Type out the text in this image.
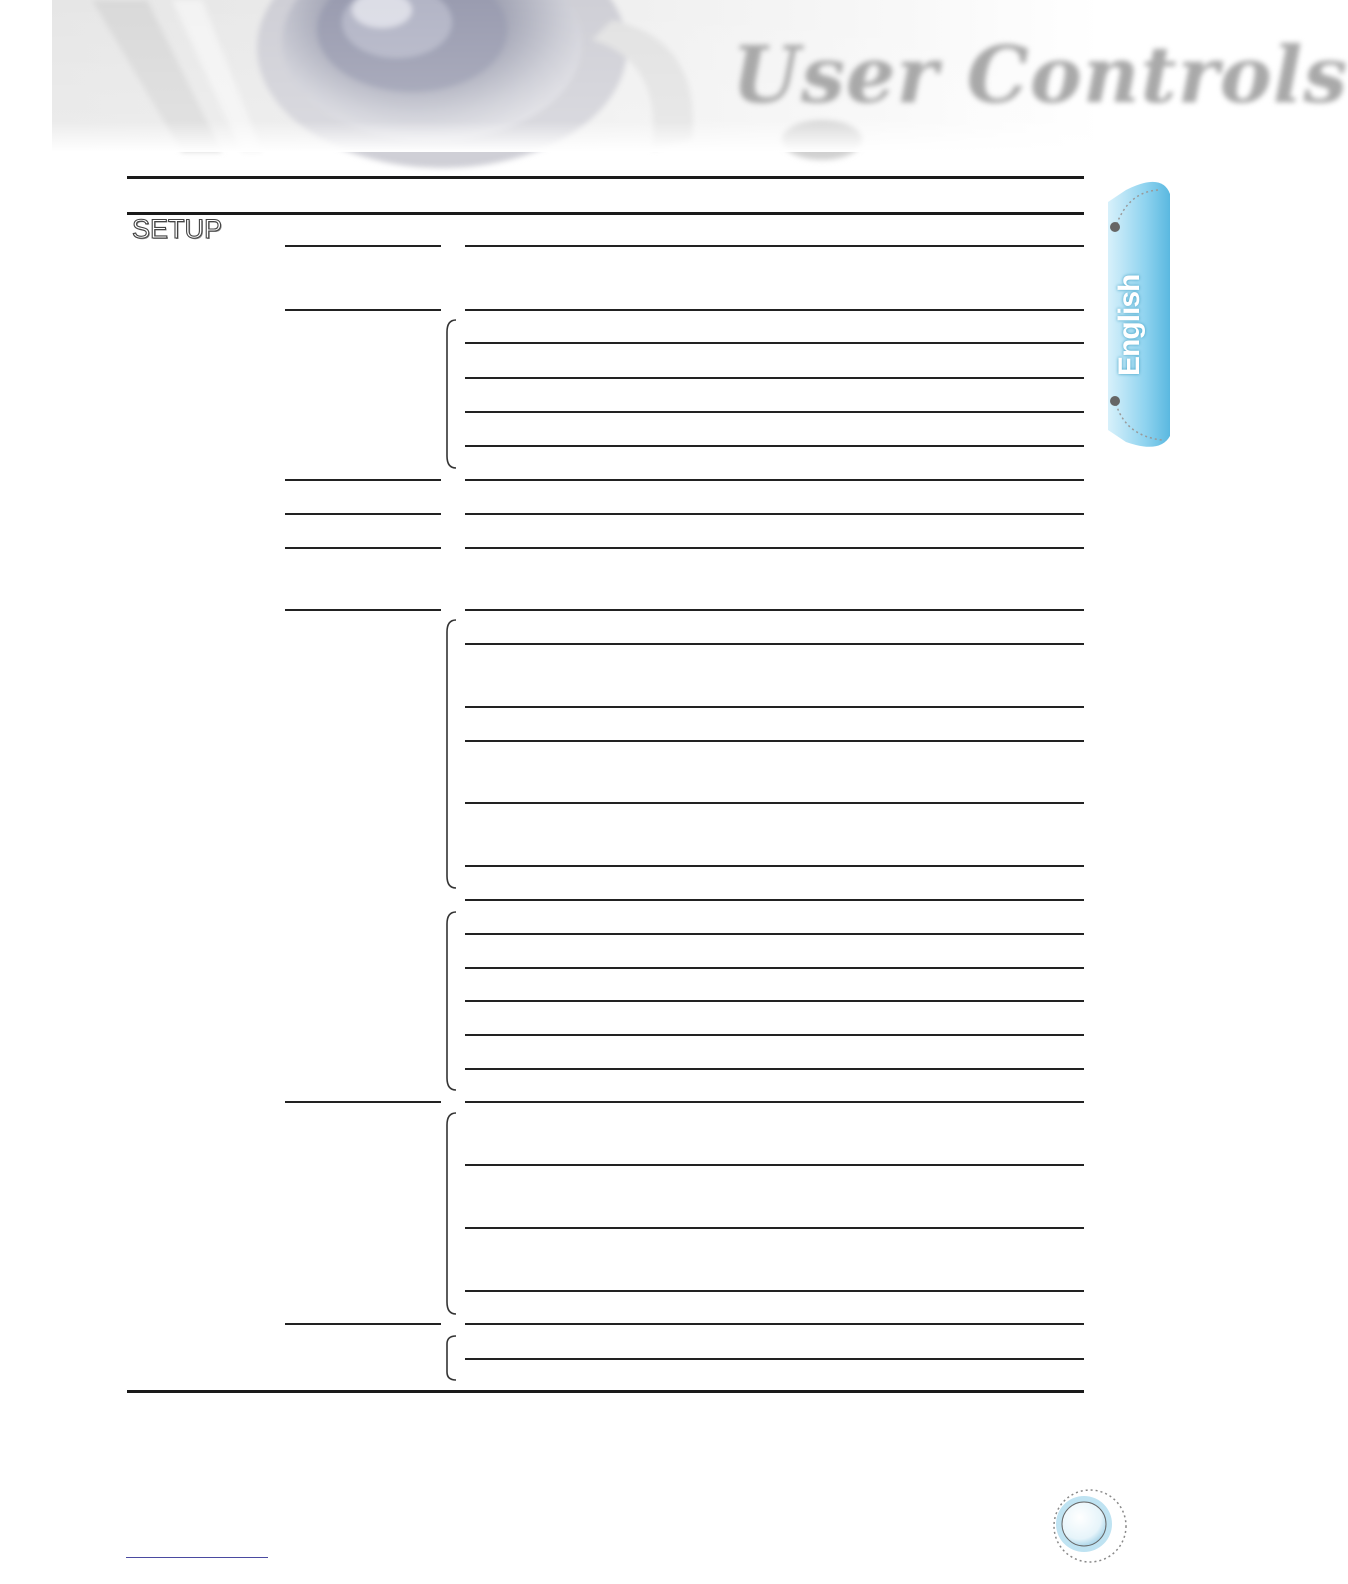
User Controls
English
SETUP
